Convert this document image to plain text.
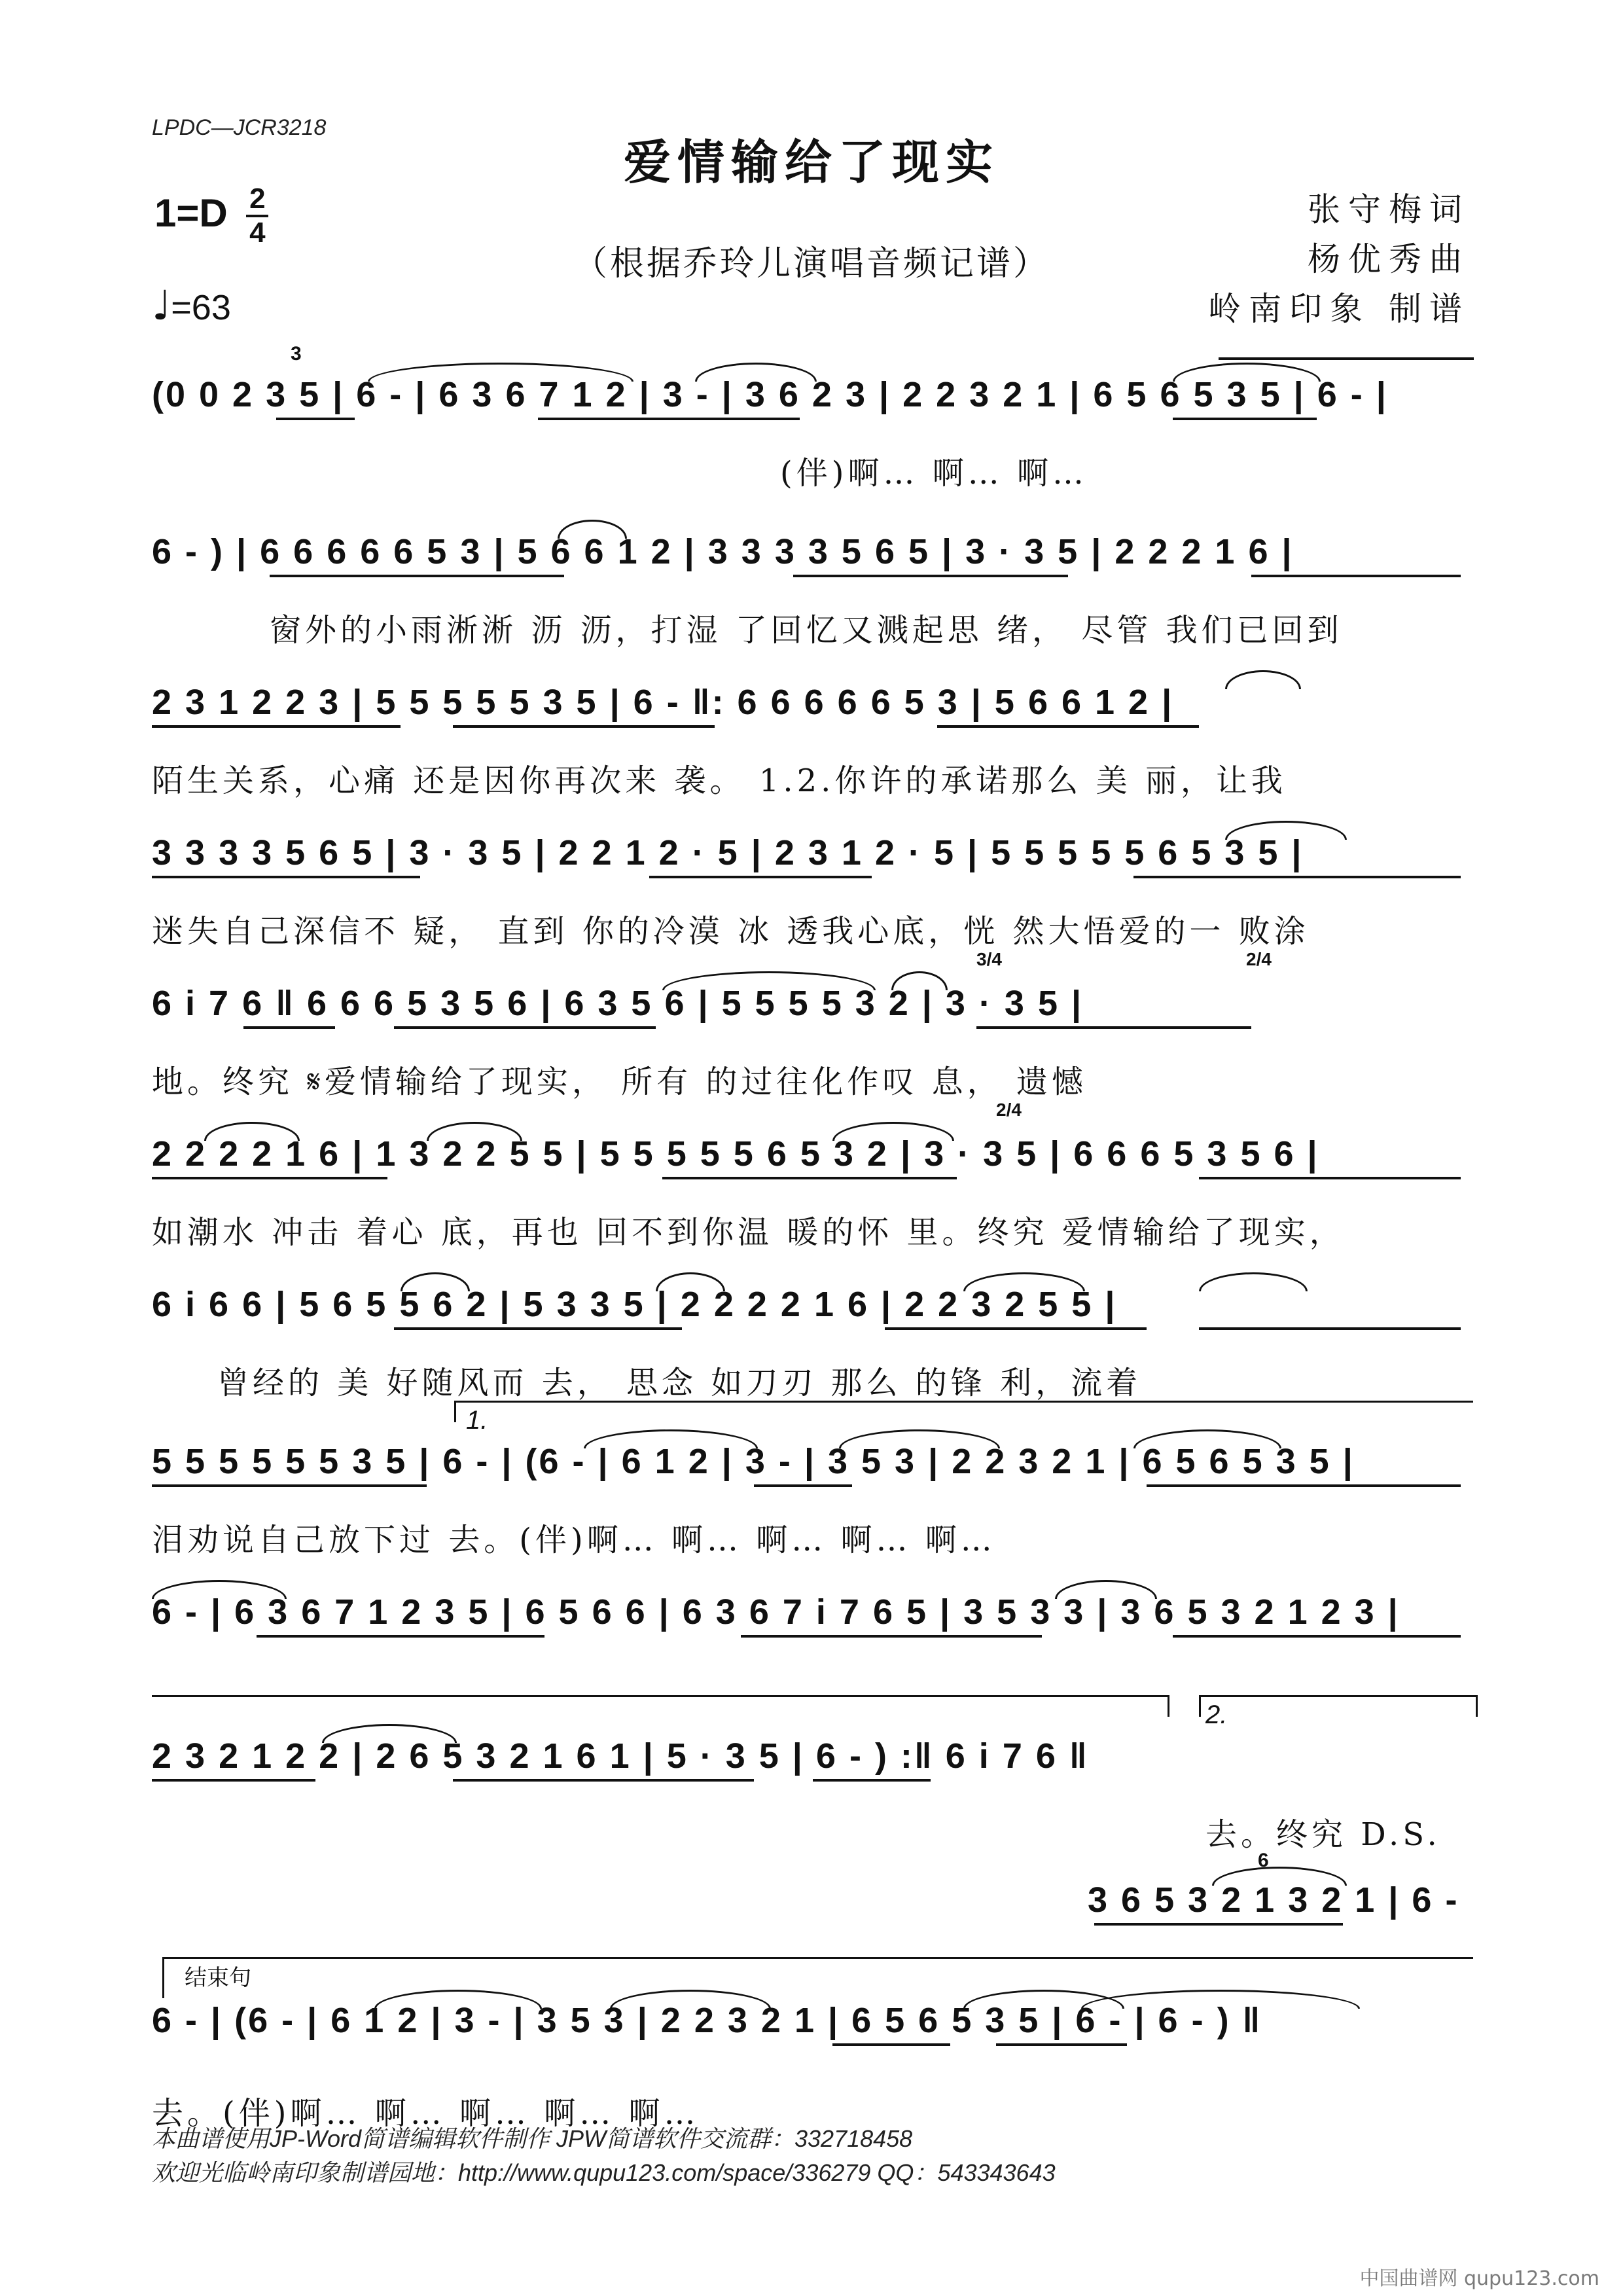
LPDC—JCR3218
爱情输给了现实
（根据乔玲儿演唱音频记谱）
张守梅词
杨优秀曲
岭南印象 制谱
$1=D \frac{2}{4}$
♩=63
(0 0 2 3 5 | 6 - | 6 3 6 7 1 2 | 3 - | 3 6 2 3 | 2 2 3 2 1 | 6 5 6 5 3 5 | 6 - |
(伴)啊… 啊… 啊…
3
6 - ) | 6 6 6 6 6 5 3 | 5 6 6 1 2 | 3 3 3 3 5 6 5 | 3 · 3 5 | 2 2 2 1 6 |
窗外的小雨淅淅 沥 沥，打湿 了回忆又溅起思 绪， 尽管 我们已回到
2 3 1 2 2 3 | 5 5 5 5 5 3 5 | 6 - ‖: 6 6 6 6 6 5 3 | 5 6 6 1 2 |
陌生关系，心痛 还是因你再次来 袭。 1.2.你许的承诺那么 美 丽，让我
3 3 3 3 5 6 5 | 3 · 3 5 | 2 2 1 2 · 5 | 2 3 1 2 · 5 | 5 5 5 5 5 6 5 3 5 |
迷失自己深信不 疑， 直到 你的冷漠 冰 透我心底，恍 然大悟爱的一 败涂
6 i 7 6 ‖ 6 6 6 5 3 5 6 | 6 3 5 6 | 5 5 5 5 3 2 | 3 · 3 5 |
地。终究 𝄋爱情输给了现实， 所有 的过往化作叹 息， 遗憾
3/4	2/4
2 2 2 2 1 6 | 1 3 2 2 5 5 | 5 5 5 5 5 6 5 3 2 | 3 · 3 5 | 6 6 6 5 3 5 6 |
如潮水 冲击 着心 底，再也 回不到你温 暖的怀 里。终究 爱情输给了现实，
2/4
6 i 6 6 | 5 6 5 5 6 2 | 5 3 3 5 | 2 2 2 2 1 6 | 2 2 3 2 5 5 |
曾经的 美 好随风而 去， 思念 如刀刃 那么 的锋 利，流着
1.
5 5 5 5 5 5 3 5 | 6 - | (6 - | 6 1 2 | 3 - | 3 5 3 | 2 2 3 2 1 | 6 5 6 5 3 5 |
泪劝说自己放下过 去。(伴)啊… 啊… 啊… 啊… 啊…
6 - | 6 3 6 7 1 2 3 5 | 6 5 6 6 | 6 3 6 7 i 7 6 5 | 3 5 3 3 | 3 6 5 3 2 1 2 3 |
2.
2 3 2 1 2 2 | 2 6 5 3 2 1 6 1 | 5 · 3 5 | 6 - ) :‖ 6 i 7 6 ‖
去。终究 D.S.
3 6 5 3 2 1 3 2 1 | 6 -
6
结束句
6 - | (6 - | 6 1 2 | 3 - | 3 5 3 | 2 2 3 2 1 | 6 5 6 5 3 5 | 6 - | 6 - ) ‖
去。(伴)啊… 啊… 啊… 啊… 啊…
本曲谱使用JP-Word简谱编辑软件制作 JPW简谱软件交流群：332718458
欢迎光临岭南印象制谱园地：http://www.qupu123.com/space/336279 QQ：543343643
中国曲谱网 qupu123.com
